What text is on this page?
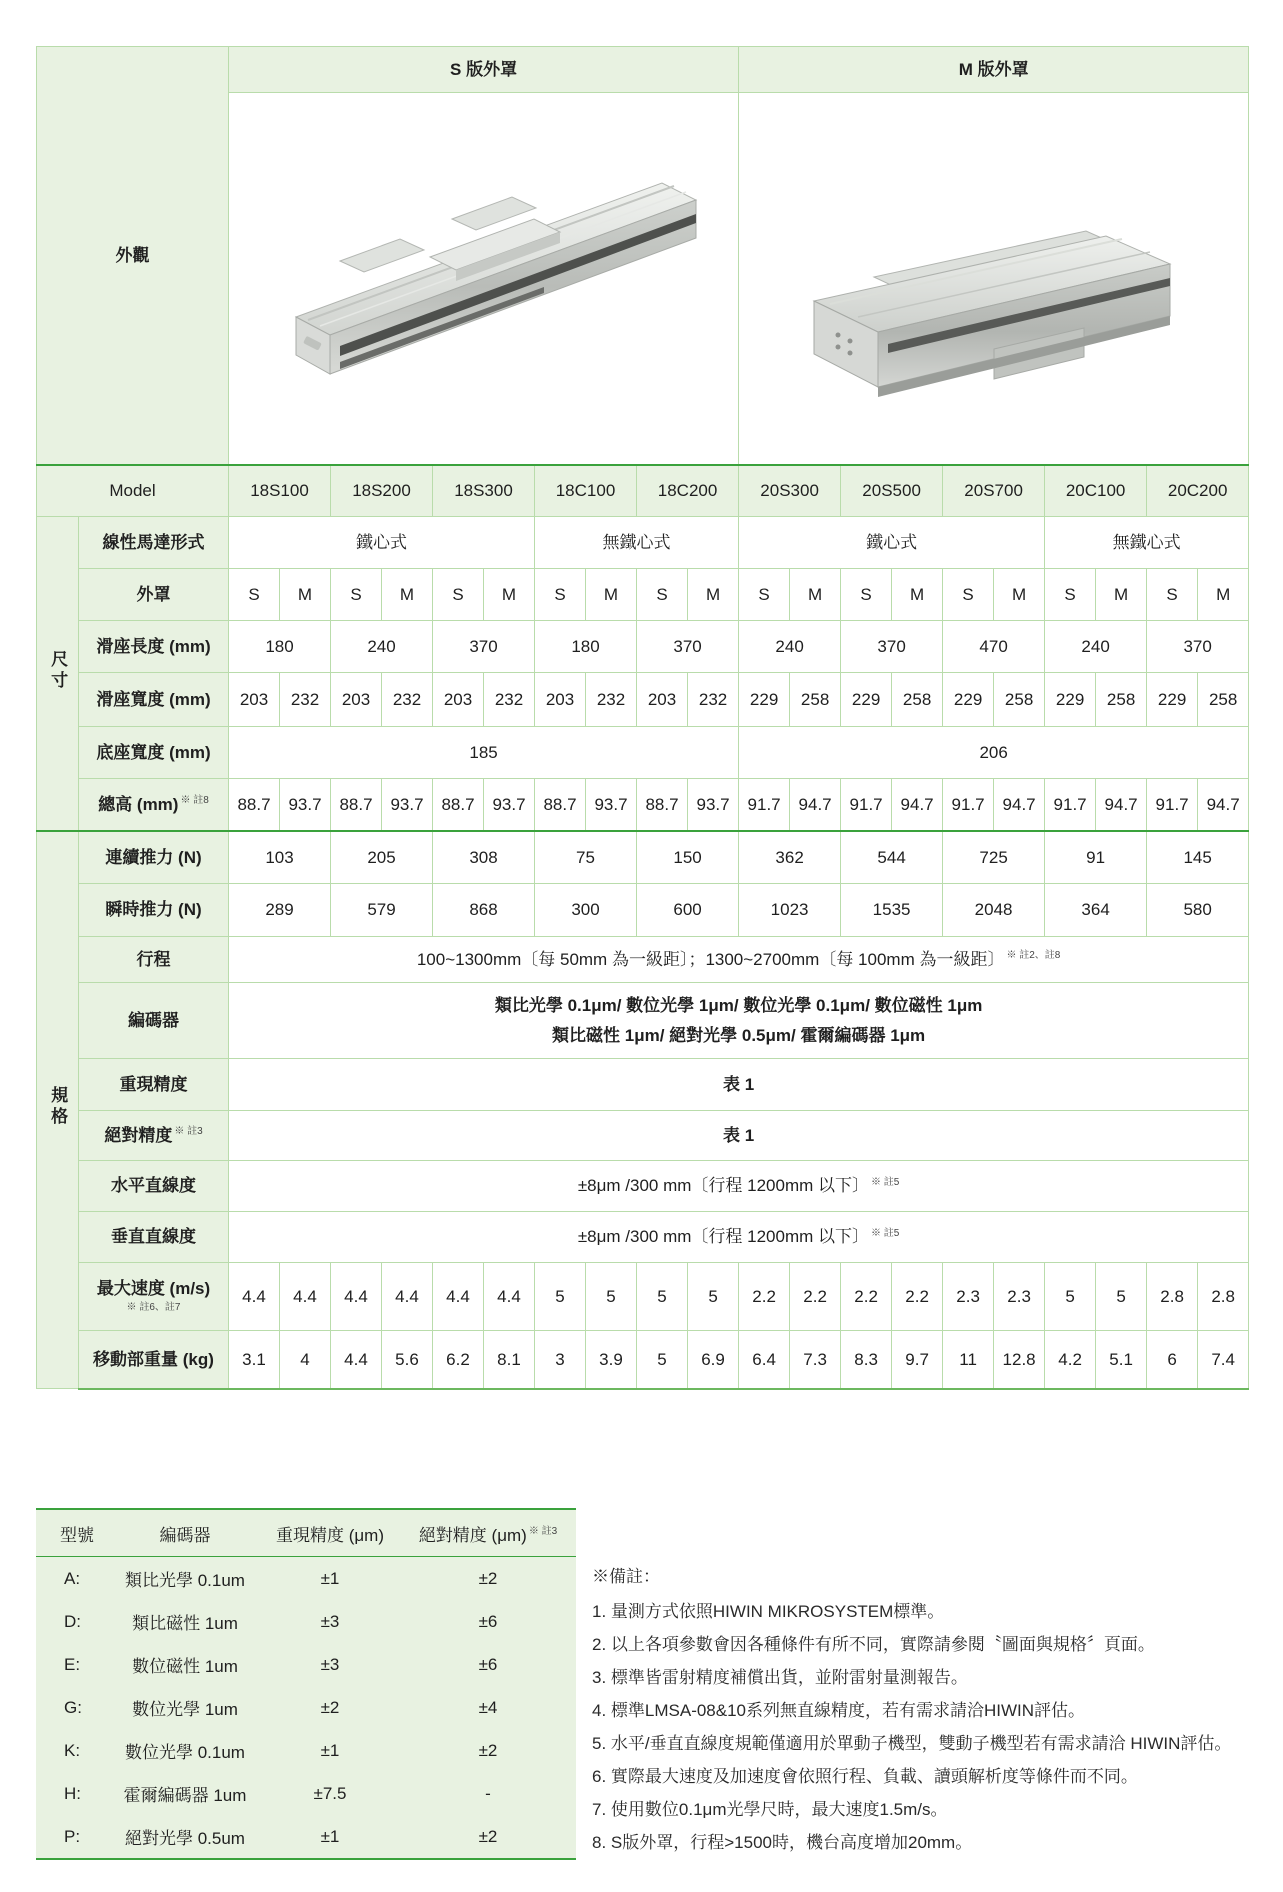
外觀		S 版外罩										M 版外罩									

Model		18S100		18S200		18S300		18C100		18C200		20S300		20S500		20S700		20C100		20C200	
尺寸	線性馬達形式	鐵心式						無鐵心式				鐵心式						無鐵心式			
	外罩	S	M	S	M	S	M	S	M	S	M	S	M	S	M	S	M	S	M	S	M
	滑座長度 (mm)	180		240		370		180		370		240		370		470		240		370	
	滑座寬度 (mm)	203	232	203	232	203	232	203	232	203	232	229	258	229	258	229	258	229	258	229	258
	底座寬度 (mm)	185										206									
	總高 (mm) $^{※ 註8}$	88.7	93.7	88.7	93.7	88.7	93.7	88.7	93.7	88.7	93.7	91.7	94.7	91.7	94.7	91.7	94.7	91.7	94.7	91.7	94.7
規格	連續推力 (N)	103		205		308		75		150		362		544		725		91		145	
	瞬時推力 (N)	289		579		868		300		600		1023		1535		2048		364		580	
	行程	100~1300mm〔每 50mm 為一級距〕；1300~2700mm〔每 100mm 為一級距〕 $^{※ 註2、註8}$
	編碼器	類比光學 0.1μm/ 數位光學 1μm/ 數位光學 0.1μm/ 數位磁性 1μm
類比磁性 1μm/ 絕對光學 0.5μm/ 霍爾編碼器 1μm																			

	重現精度	表 1																			
	絕對精度 $^{※ 註3}$	表 1																			
	水平直線度	±8μm /300 mm〔行程 1200mm 以下〕 $^{※ 註5}$
	垂直直線度	±8μm /300 mm〔行程 1200mm 以下〕 $^{※ 註5}$

	最大速度 (m/s)
※ 註6、註7	4.4	4.4	4.4	4.4	4.4	4.4	5	5	5	5	2.2	2.2	2.2	2.2	2.3	2.3	5	5	2.8	2.8
	移動部重量 (kg)	3.1	4	4.4	5.6	6.2	8.1	3	3.9	5	6.9	6.4	7.3	8.3	9.7	11	12.8	4.2	5.1	6	7.4
型號	編碼器	重現精度 (μm)	絕對精度 (μm) $^{※ 註3}$
A:	類比光學 0.1um	±1	±2
D:	類比磁性 1um	±3	±6
E:	數位磁性 1um	±3	±6
G:	數位光學 1um	±2	±4
K:	數位光學 0.1um	±1	±2
H:	霍爾編碼器 1um	±7.5	-
P:	絕對光學 0.5um	±1	±2
※備註：
1. 量測方式依照HIWIN MIKROSYSTEM標準。
2. 以上各項參數會因各種條件有所不同，實際請參閱〝圖面與規格〞頁面。
3. 標準皆雷射精度補償出貨，並附雷射量測報告。
4. 標準LMSA-08&10系列無直線精度，若有需求請洽HIWIN評估。
5. 水平/垂直直線度規範僅適用於單動子機型，雙動子機型若有需求請洽 HIWIN評估。
6. 實際最大速度及加速度會依照行程、負載、讀頭解析度等條件而不同。
7. 使用數位0.1μm光學尺時，最大速度1.5m/s。
8. S版外罩，行程>1500時，機台高度增加20mm。
